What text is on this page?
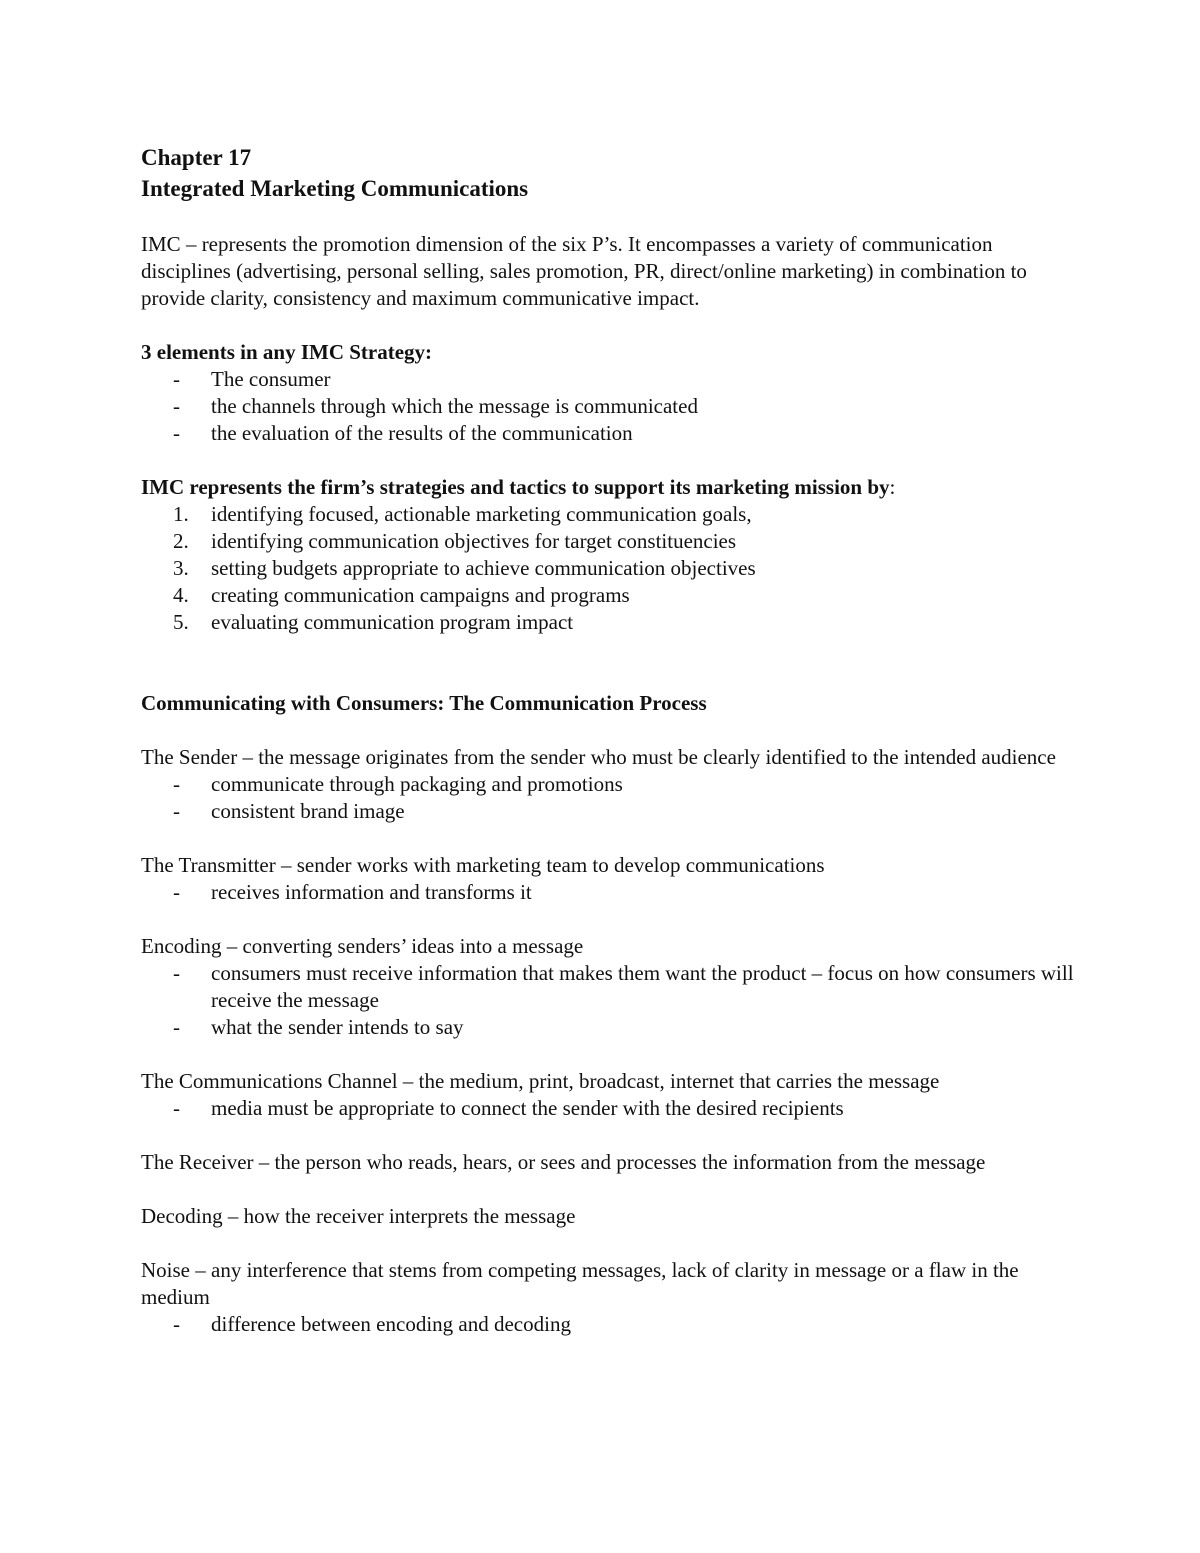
Chapter 17

Integrated Marketing Communications

IMC – represents the promotion dimension of the six P’s. It encompasses a variety of communication disciplines (advertising, personal selling, sales promotion, PR, direct/online marketing) in combination to provide clarity, consistency and maximum communicative impact.

3 elements in any IMC Strategy:

- The consumer
- the channels through which the message is communicated
- the evaluation of the results of the communication

IMC represents the firm’s strategies and tactics to support its marketing mission by:

1. identifying focused, actionable marketing communication goals,
2. identifying communication objectives for target constituencies
3. setting budgets appropriate to achieve communication objectives
4. creating communication campaigns and programs
5. evaluating communication program impact

Communicating with Consumers: The Communication Process

The Sender – the message originates from the sender who must be clearly identified to the intended audience

- communicate through packaging and promotions
- consistent brand image

The Transmitter – sender works with marketing team to develop communications

- receives information and transforms it

Encoding – converting senders’ ideas into a message

- consumers must receive information that makes them want the product – focus on how consumers will receive the message
- what the sender intends to say

The Communications Channel – the medium, print, broadcast, internet that carries the message

- media must be appropriate to connect the sender with the desired recipients

The Receiver – the person who reads, hears, or sees and processes the information from the message

Decoding – how the receiver interprets the message

Noise – any interference that stems from competing messages, lack of clarity in message or a flaw in the medium

- difference between encoding and decoding
